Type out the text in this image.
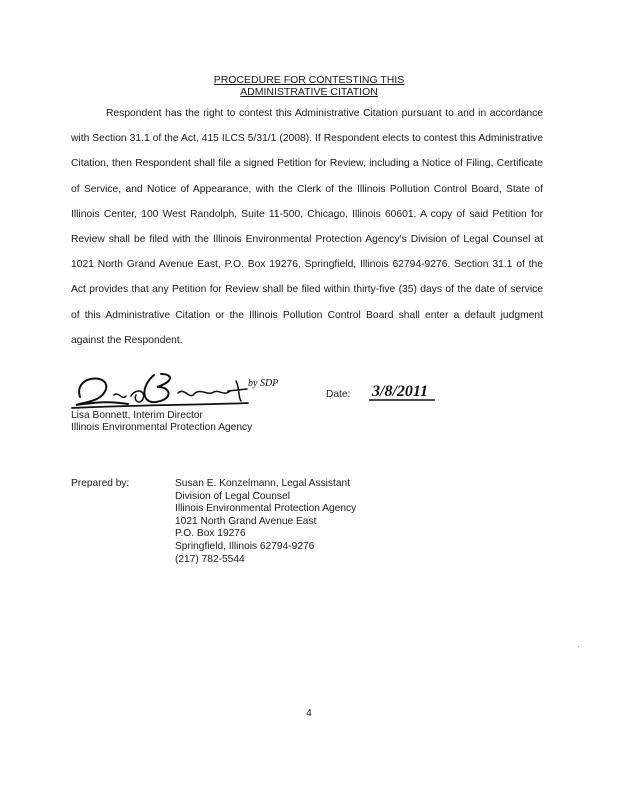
PROCEDURE FOR CONTESTING THIS
ADMINISTRATIVE CITATION

Respondent has the right to contest this Administrative Citation pursuant to and in accordance with Section 31.1 of the Act, 415 ILCS 5/31/1 (2008). If Respondent elects to contest this Administrative Citation, then Respondent shall file a signed Petition for Review, including a Notice of Filing, Certificate of Service, and Notice of Appearance, with the Clerk of the Illinois Pollution Control Board, State of Illinois Center, 100 West Randolph, Suite 11-500, Chicago, Illinois 60601. A copy of said Petition for Review shall be filed with the Illinois Environmental Protection Agency's Division of Legal Counsel at 1021 North Grand Avenue East, P.O. Box 19276, Springfield, Illinois 62794-9276. Section 31.1 of the Act provides that any Petition for Review shall be filed within thirty-five (35) days of the date of service of this Administrative Citation or the Illinois Pollution Control Board shall enter a default judgment against the Respondent.

by SDP
Lisa Bonnett, Interim Director
Illinois Environmental Protection Agency
Date: 3/8/2011
Prepared by:	Susan E. Konzelmann, Legal Assistant
Division of Legal Counsel
Illinois Environmental Protection Agency
1021 North Grand Avenue East
P.O. Box 19276
Springfield, Illinois 62794-9276
(217) 782-5544
4
